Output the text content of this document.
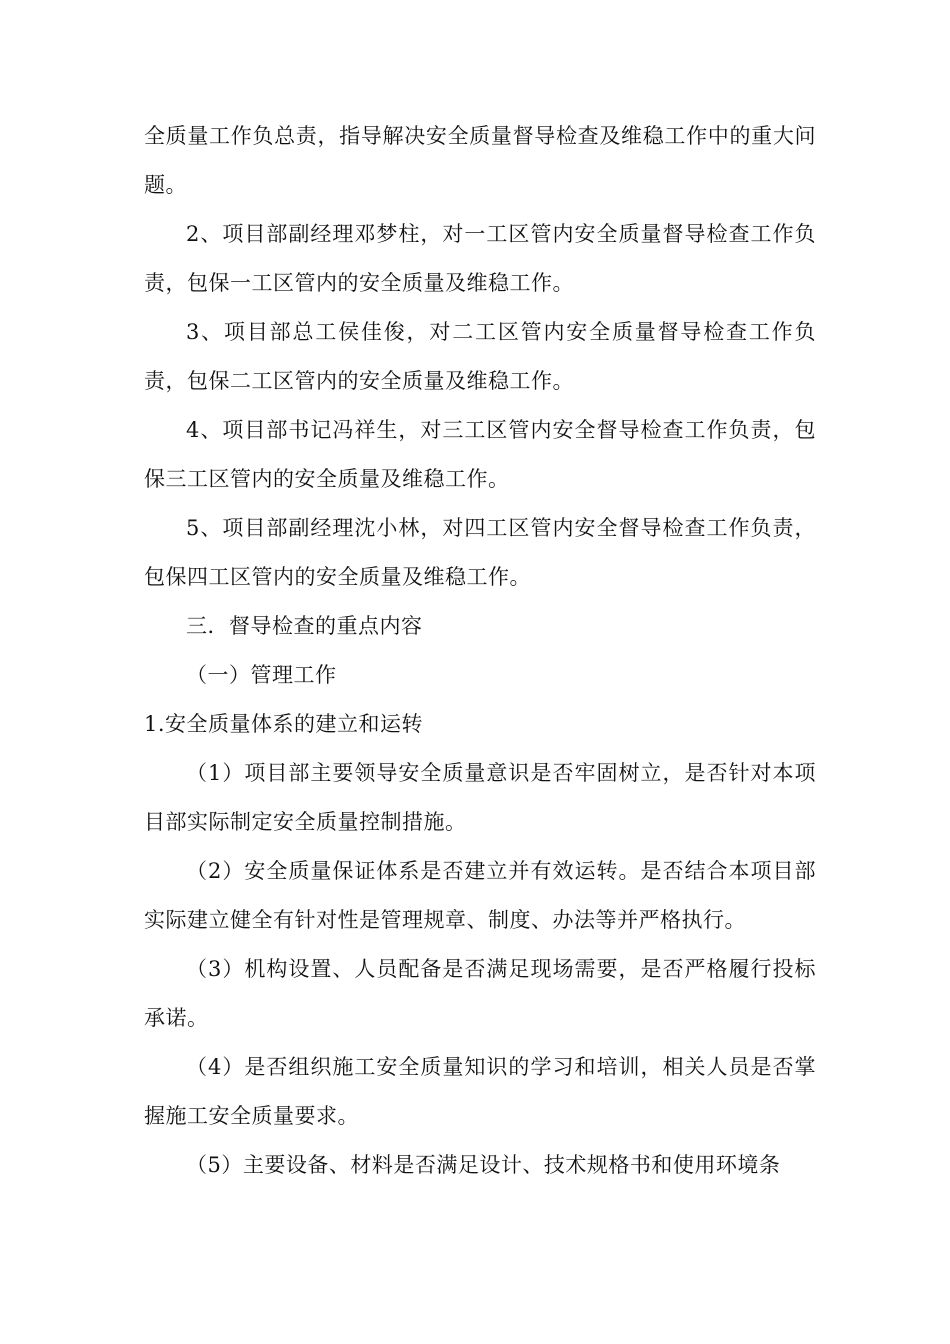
全质量工作负总责，指导解决安全质量督导检查及维稳工作中的重大问题。

2、项目部副经理邓梦柱，对一工区管内安全质量督导检查工作负责，包保一工区管内的安全质量及维稳工作。

3、项目部总工侯佳俊，对二工区管内安全质量督导检查工作负责，包保二工区管内的安全质量及维稳工作。

4、项目部书记冯祥生，对三工区管内安全督导检查工作负责，包保三工区管内的安全质量及维稳工作。

5、项目部副经理沈小林，对四工区管内安全督导检查工作负责，包保四工区管内的安全质量及维稳工作。

三．督导检查的重点内容

（一）管理工作

1.安全质量体系的建立和运转

（1）项目部主要领导安全质量意识是否牢固树立，是否针对本项目部实际制定安全质量控制措施。

（2）安全质量保证体系是否建立并有效运转。是否结合本项目部实际建立健全有针对性是管理规章、制度、办法等并严格执行。

（3）机构设置、人员配备是否满足现场需要，是否严格履行投标承诺。

（4）是否组织施工安全质量知识的学习和培训，相关人员是否掌握施工安全质量要求。

（5）主要设备、材料是否满足设计、技术规格书和使用环境条
